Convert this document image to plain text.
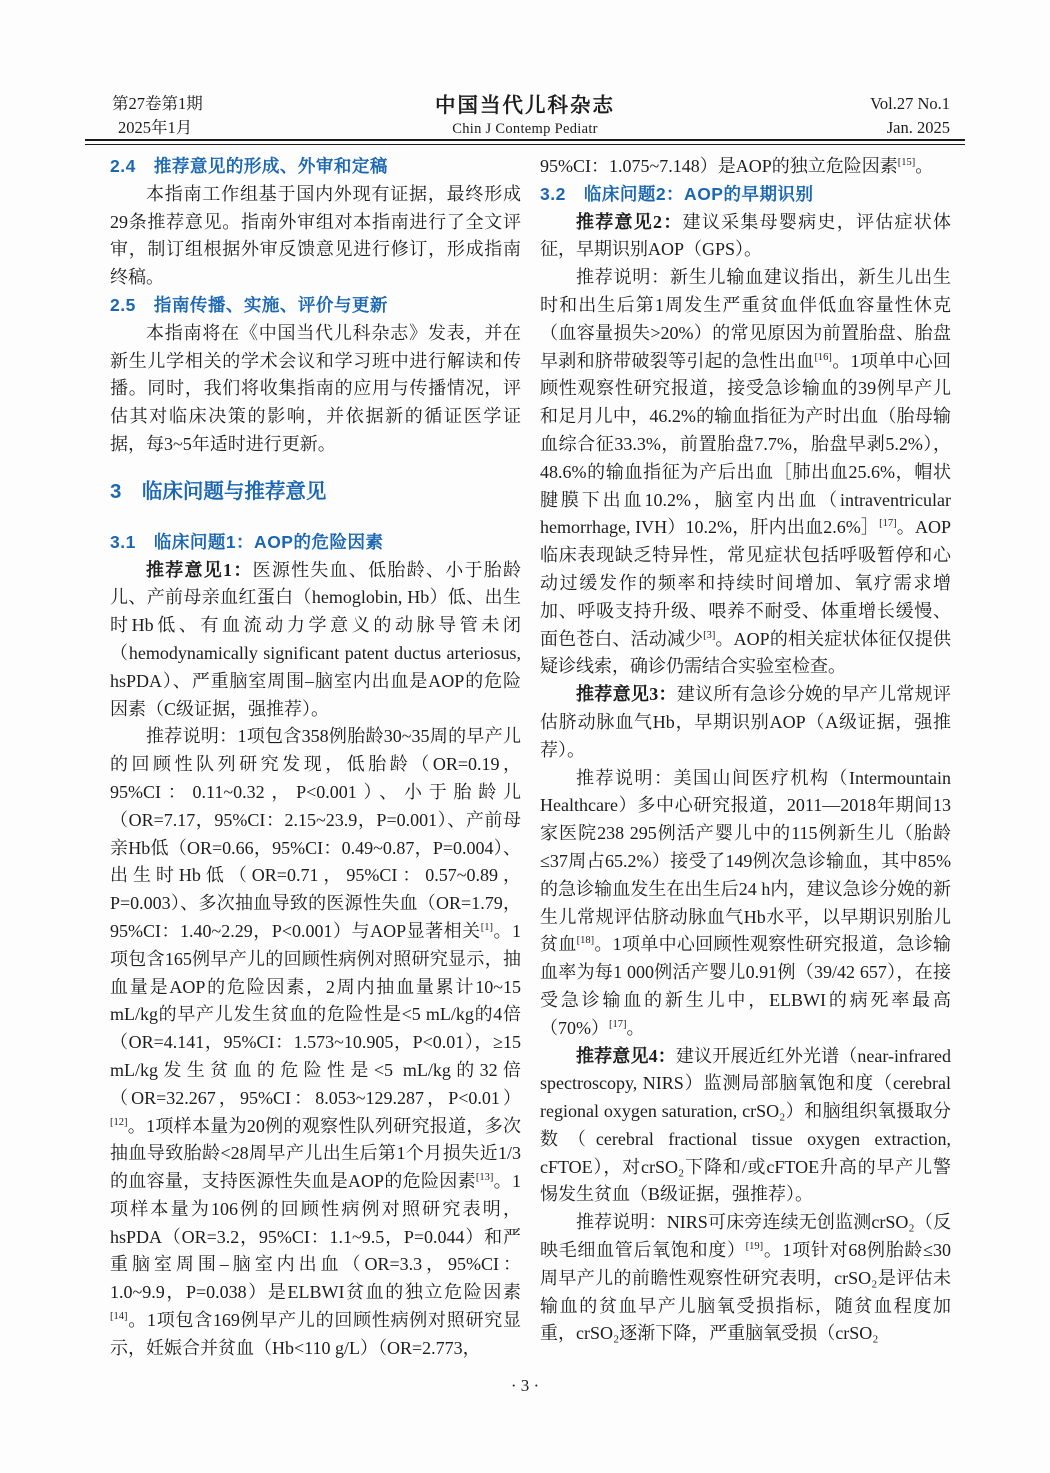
第27卷第1期
2025年1月
中国当代儿科杂志
Chin J Contemp Pediatr
Vol.27 No.1
Jan. 2025
2.4　推荐意见的形成、外审和定稿

本指南工作组基于国内外现有证据，最终形成29条推荐意见。指南外审组对本指南进行了全文评审，制订组根据外审反馈意见进行修订，形成指南终稿。

2.5　指南传播、实施、评价与更新

本指南将在《中国当代儿科杂志》发表，并在新生儿学相关的学术会议和学习班中进行解读和传播。同时，我们将收集指南的应用与传播情况，评估其对临床决策的影响，并依据新的循证医学证据，每3~5年适时进行更新。

3　临床问题与推荐意见
3.1　临床问题1：AOP的危险因素

推荐意见1：医源性失血、低胎龄、小于胎龄儿、产前母亲血红蛋白（hemoglobin, Hb）低、出生时Hb低、有血流动力学意义的动脉导管未闭（hemodynamically significant patent ductus arteriosus, hsPDA）、严重脑室周围–脑室内出血是AOP的危险因素（C级证据，强推荐）。

推荐说明：1项包含358例胎龄30~35周的早产儿的回顾性队列研究发现，低胎龄（OR=0.19，95%CI：0.11~0.32，P<0.001）、小于胎龄儿（OR=7.17，95%CI：2.15~23.9，P=0.001）、产前母亲Hb低（OR=0.66，95%CI：0.49~0.87，P=0.004）、出生时Hb低（OR=0.71，95%CI：0.57~0.89，P=0.003）、多次抽血导致的医源性失血（OR=1.79，95%CI：1.40~2.29，P<0.001）与AOP显著相关[1]。1项包含165例早产儿的回顾性病例对照研究显示，抽血量是AOP的危险因素，2周内抽血量累计10~15 mL/kg的早产儿发生贫血的危险性是<5 mL/kg的4倍（OR=4.141，95%CI：1.573~10.905，P<0.01），≥15 mL/kg发生贫血的危险性是<5 mL/kg的32倍（OR=32.267，95%CI：8.053~129.287，P<0.01）[12]。1项样本量为20例的观察性队列研究报道，多次抽血导致胎龄<28周早产儿出生后第1个月损失近1/3的血容量，支持医源性失血是AOP的危险因素[13]。1项样本量为106例的回顾性病例对照研究表明，hsPDA（OR=3.2，95%CI：1.1~9.5，P=0.044）和严重脑室周围–脑室内出血（OR=3.3，95%CI：1.0~9.9，P=0.038）是ELBWI贫血的独立危险因素[14]。1项包含169例早产儿的回顾性病例对照研究显示，妊娠合并贫血（Hb<110 g/L）（OR=2.773，

95%CI：1.075~7.148）是AOP的独立危险因素[15]。

3.2　临床问题2：AOP的早期识别

推荐意见2：建议采集母婴病史，评估症状体征，早期识别AOP（GPS）。

推荐说明：新生儿输血建议指出，新生儿出生时和出生后第1周发生严重贫血伴低血容量性休克（血容量损失>20%）的常见原因为前置胎盘、胎盘早剥和脐带破裂等引起的急性出血[16]。1项单中心回顾性观察性研究报道，接受急诊输血的39例早产儿和足月儿中，46.2%的输血指征为产时出血（胎母输血综合征33.3%，前置胎盘7.7%，胎盘早剥5.2%），48.6%的输血指征为产后出血［肺出血25.6%，帽状腱膜下出血10.2%，脑室内出血（intraventricular hemorrhage, IVH）10.2%，肝内出血2.6%］[17]。AOP临床表现缺乏特异性，常见症状包括呼吸暂停和心动过缓发作的频率和持续时间增加、氧疗需求增加、呼吸支持升级、喂养不耐受、体重增长缓慢、面色苍白、活动减少[3]。AOP的相关症状体征仅提供疑诊线索，确诊仍需结合实验室检查。

推荐意见3：建议所有急诊分娩的早产儿常规评估脐动脉血气Hb，早期识别AOP（A级证据，强推荐）。

推荐说明：美国山间医疗机构（Intermountain Healthcare）多中心研究报道，2011—2018年期间13家医院238 295例活产婴儿中的115例新生儿（胎龄≤37周占65.2%）接受了149例次急诊输血，其中85%的急诊输血发生在出生后24 h内，建议急诊分娩的新生儿常规评估脐动脉血气Hb水平，以早期识别胎儿贫血[18]。1项单中心回顾性观察性研究报道，急诊输血率为每1 000例活产婴儿0.91例（39/42 657），在接受急诊输血的新生儿中，ELBWI的病死率最高（70%）[17]。

推荐意见4：建议开展近红外光谱（near-infrared spectroscopy, NIRS）监测局部脑氧饱和度（cerebral regional oxygen saturation, crSO₂）和脑组织氧摄取分数（cerebral fractional tissue oxygen extraction, cFTOE），对crSO₂下降和/或cFTOE升高的早产儿警惕发生贫血（B级证据，强推荐）。

推荐说明：NIRS可床旁连续无创监测crSO₂（反映毛细血管后氧饱和度）[19]。1项针对68例胎龄≤30周早产儿的前瞻性观察性研究表明，crSO₂是评估未输血的贫血早产儿脑氧受损指标，随贫血程度加重，crSO₂逐渐下降，严重脑氧受损（crSO₂

· 3 ·
